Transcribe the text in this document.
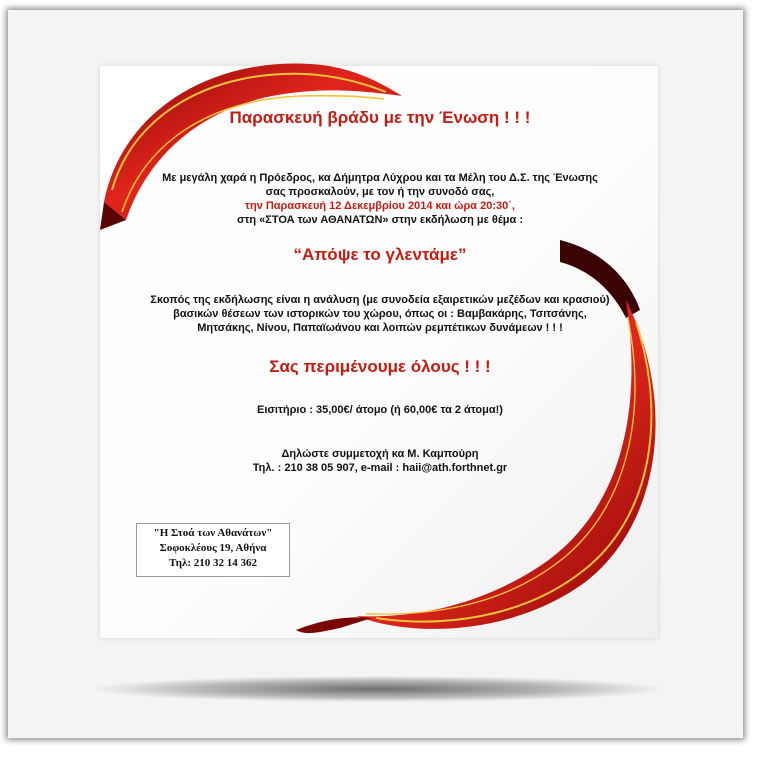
Παρασκευή βράδυ με την Ένωση ! ! !
Με μεγάλη χαρά η Πρόεδρος, κα Δήμητρα Λύχρου και τα Μέλη του Δ.Σ. της Ένωσης
σας προσκαλούν, με τον ή την συνοδό σας,
την Παρασκευή 12 Δεκεμβρίου 2014 και ώρα 20:30΄,
στη «ΣΤΟΑ των ΑΘΑΝΑΤΩΝ» στην εκδήλωση με θέμα :
“Απόψε το γλεντάμε”
Σκοπός της εκδήλωσης είναι η ανάλυση (με συνοδεία εξαιρετικών μεζέδων και κρασιού)
βασικών θέσεων των ιστορικών του χώρου, όπως οι : Βαμβακάρης, Τσιτσάνης,
Μητσάκης, Νίνου, Παπαϊωάνου και λοιπών ρεμπέτικων δυνάμεων ! ! !
Σας περιμένουμε όλους ! ! !
Εισιτήριο : 35,00€/ άτομο (ή 60,00€ τα 2 άτομα!)
Δηλώστε συμμετοχή κα Μ. Καμπούρη
Τηλ. : 210 38 05 907, e-mail : haii@ath.forthnet.gr
"Η Στοά των Αθανάτων"
Σοφοκλέους 19, Αθήνα
Τηλ: 210 32 14 362
